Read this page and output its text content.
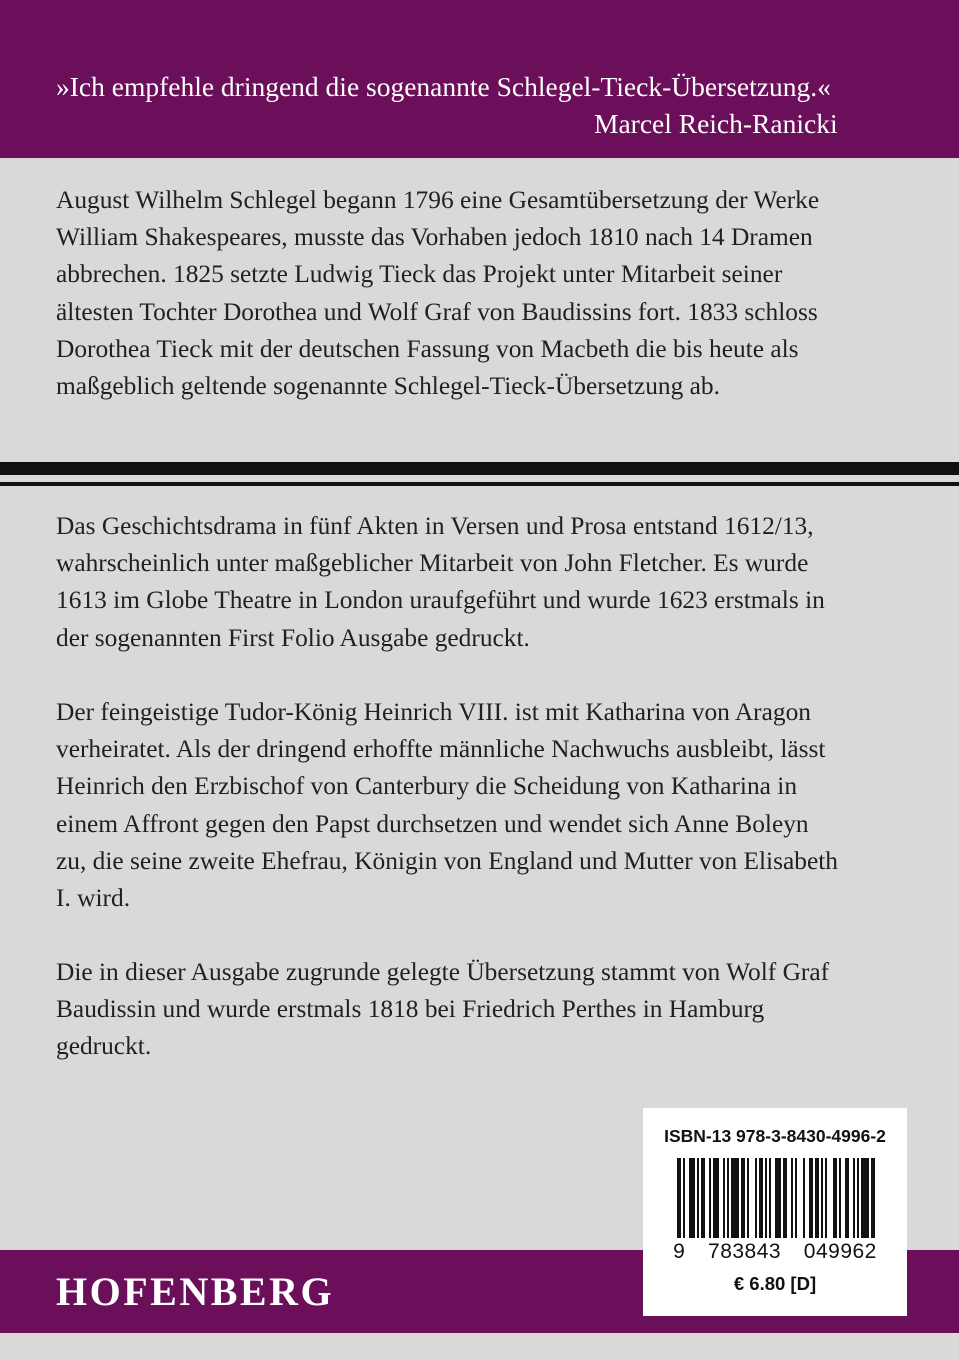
»Ich empfehle dringend die sogenannte Schlegel-Tieck-Übersetzung.«
Marcel Reich-Ranicki

August Wilhelm Schlegel begann 1796 eine Gesamtübersetzung der Werke
William Shakespeares, musste das Vorhaben jedoch 1810 nach 14 Dramen
abbrechen. 1825 setzte Ludwig Tieck das Projekt unter Mitarbeit seiner
ältesten Tochter Dorothea und Wolf Graf von Baudissins fort. 1833 schloss
Dorothea Tieck mit der deutschen Fassung von Macbeth die bis heute als
maßgeblich geltende sogenannte Schlegel-Tieck-Übersetzung ab.

Das Geschichtsdrama in fünf Akten in Versen und Prosa entstand 1612/13,
wahrscheinlich unter maßgeblicher Mitarbeit von John Fletcher. Es wurde
1613 im Globe Theatre in London uraufgeführt und wurde 1623 erstmals in
der sogenannten First Folio Ausgabe gedruckt.

Der feingeistige Tudor-König Heinrich VIII. ist mit Katharina von Aragon
verheiratet. Als der dringend erhoffte männliche Nachwuchs ausbleibt, lässt
Heinrich den Erzbischof von Canterbury die Scheidung von Katharina in
einem Affront gegen den Papst durchsetzen und wendet sich Anne Boleyn
zu, die seine zweite Ehefrau, Königin von England und Mutter von Elisabeth
I. wird.

Die in dieser Ausgabe zugrunde gelegte Übersetzung stammt von Wolf Graf
Baudissin und wurde erstmals 1818 bei Friedrich Perthes in Hamburg
gedruckt.

HOFENBERG
ISBN-13 978-3-8430-4996-2
9 783843 049962
€ 6.80 [D]
